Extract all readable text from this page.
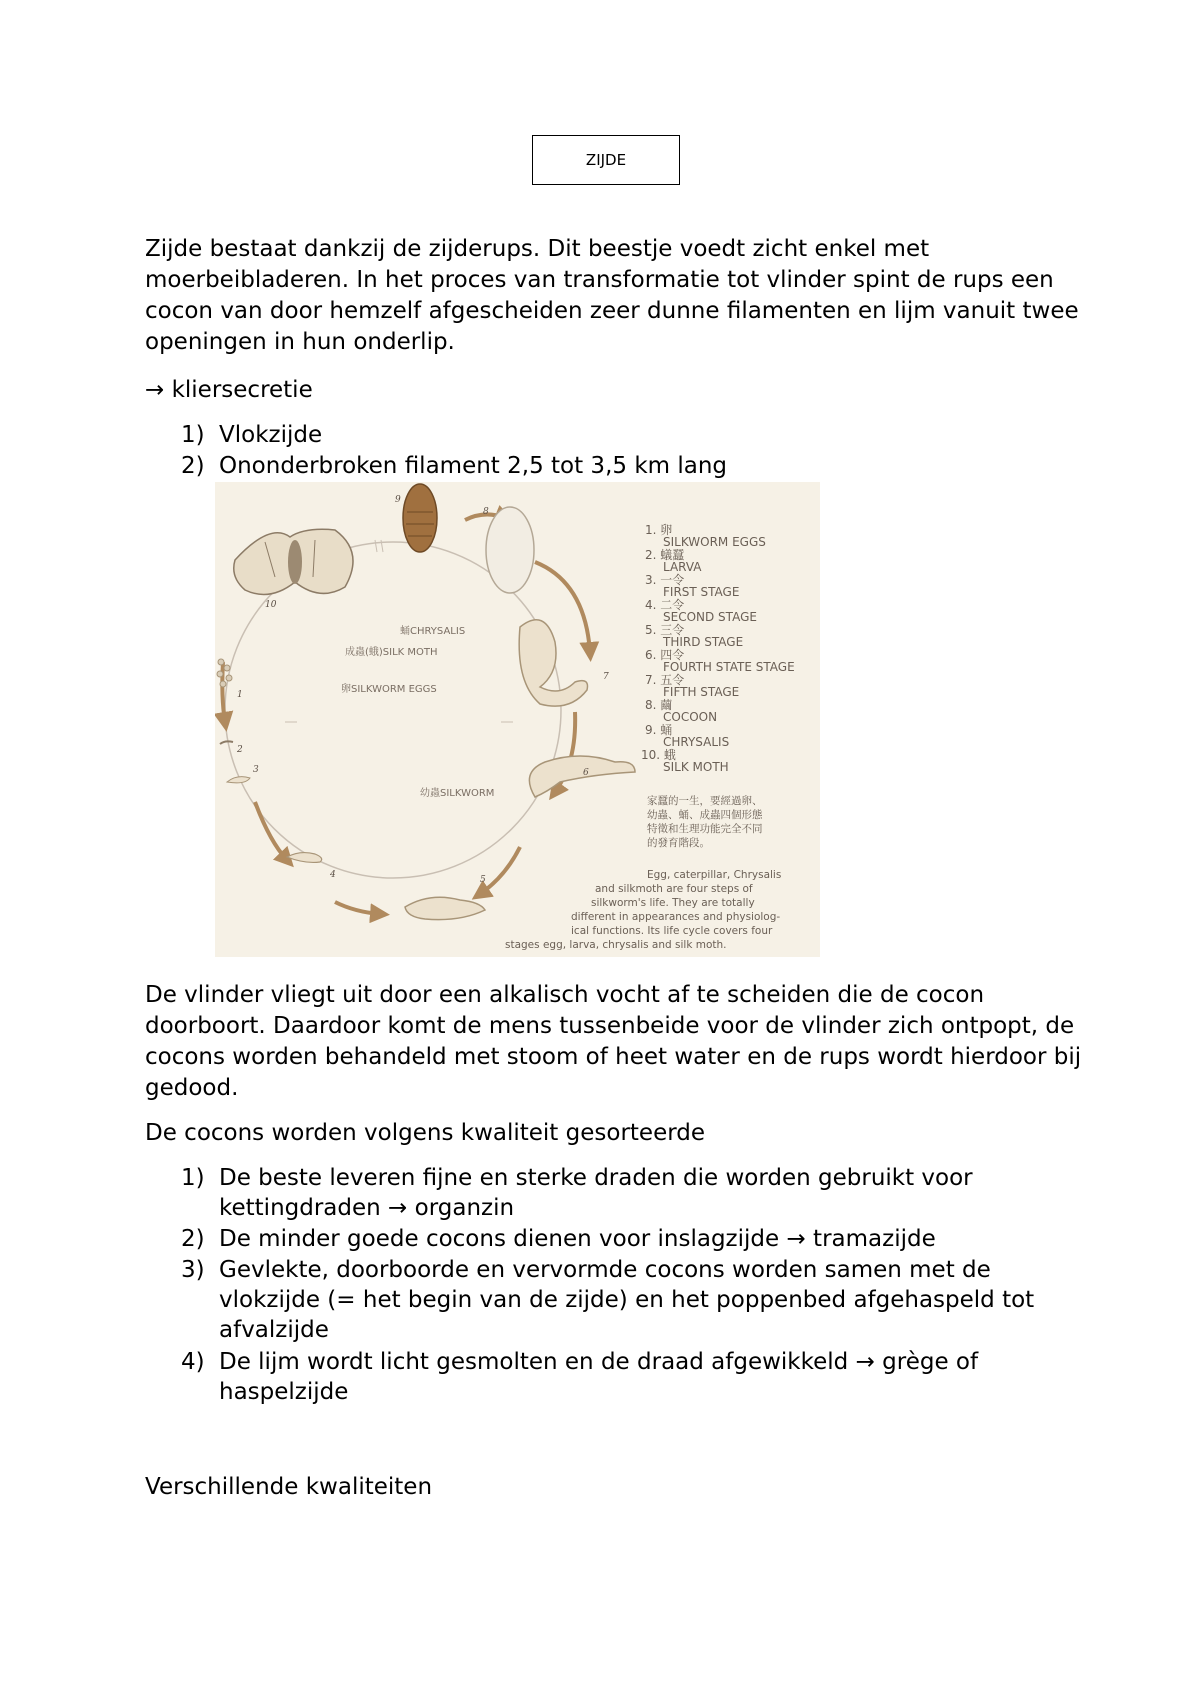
ZIJDE

Zijde bestaat dankzij de zijderups. Dit beestje voedt zicht enkel met moerbeibladeren. In het proces van transformatie tot vlinder spint de rups een cocon van door hemzelf afgescheiden zeer dunne filamenten en lijm vanuit twee openingen in hun onderlip.

→ kliersecretie

1) Vlokzijde
2) Ononderbroken filament 2,5 tot 3,5 km lang
蛹CHRYSALIS
成蟲(蛾)SILK MOTH
卵SILKWORM EGGS
幼蟲SILKWORM
10
9
8
7
6
5
4
3
2
1
1. 卵
SILKWORM EGGS
2. 蟻蠶
LARVA
3. 一令
FIRST STAGE
4. 二令
SECOND STAGE
5. 三令
THIRD STAGE
6. 四令
FOURTH STATE STAGE
7. 五令
FIFTH STAGE
8. 繭
COCOON
9. 蛹
CHRYSALIS
10. 蛾
SILK MOTH
家蠶的一生，要經過卵、
幼蟲、蛹、成蟲四個形態
特徵和生理功能完全不同
的發育階段。
Egg, caterpillar, Chrysalis
and silkmoth are four steps of
silkworm's life. They are totally
different in appearances and physiolog-
ical functions. Its life cycle covers four
stages egg, larva, chrysalis and silk moth.

De vlinder vliegt uit door een alkalisch vocht af te scheiden die de cocon doorboort. Daardoor komt de mens tussenbeide voor de vlinder zich ontpopt, de cocons worden behandeld met stoom of heet water en de rups wordt hierdoor bij gedood.

De cocons worden volgens kwaliteit gesorteerde

1) De beste leveren fijne en sterke draden die worden gebruikt voor kettingdraden → organzin
2) De minder goede cocons dienen voor inslagzijde → tramazijde
3) Gevlekte, doorboorde en vervormde cocons worden samen met de vlokzijde (= het begin van de zijde) en het poppenbed afgehaspeld tot afvalzijde
4) De lijm wordt licht gesmolten en de draad afgewikkeld → grège of haspelzijde

Verschillende kwaliteiten
